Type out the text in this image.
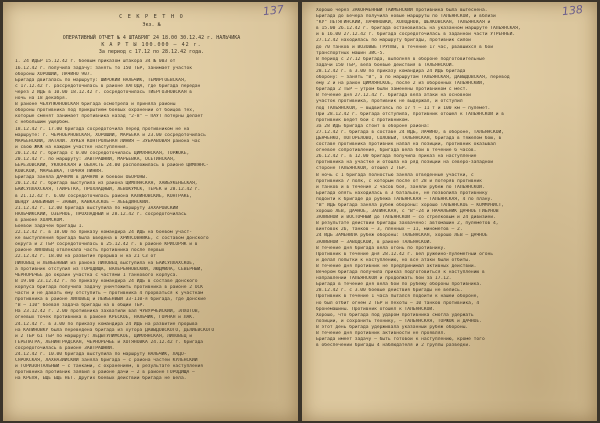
137
С Е К Р Е Т Н О
Экз. №
ОПЕРАТИВНЫЙ ОТЧЕТ № 4 ШТАБРИГ 24 18.00 30.12.42 г. НАЛЬЧИКА
К А Р Т Ы 100.000 — 42 г.
За период с 17.12 по 28.12.42 года.
1. 24 ИДБР 15.12.42 г. боевым приказом штакора 34 № 003 от
16.12.42 г. получила задачу: занять то 150 ТБР, занимает участок
обороны ХОРОШИЙ, ЛАЧИНО 907.
Бригада двигалась по маршруту: ШИРОКИЙ НАЛЬЧИК, ТЕМИРГОЕВСКАЯ,
с 17.12.42 г. рассредоточилась в районе ЛАГОДА, где бригада передан
через 2 ИДБ в 10.00 18.12.42 г. сосредоточилась ТИЕРГОЗНОВСКАЯ в
ночь на 18 декабря.
В районе ЧЕЛУПКАНОВСКАЯ бригада осмотрела и приняла районы
обороны противника под прикрытием боевых охранений от бойцов тех,
которые сменят занимает противника назад "2-8" — ПАУТ потерны делает
с небольшим ущербом.
18.12.42 г. 17.00 бригада сосредоточила перед противником не на
маршруте: г. ЧЕРНОЕРНОВСКАЯ, ХОРОШИЙ, МАРЬЕКА и 23.00 сосредоточилась
МАРЬЕНСКИЙ, ЛАТАЛИ. ЛУКЕЯ КОНТРОЛЬНАЯ ЛИНИЯ — ЗУБРАВОВАЯ района час
и свою ЖКЖ на каждом участке наступления.
20.12.42 г. бригада с 0.00 сосредоточилась ЦИМЛЯНСКАЯ, ТОРЖОКЕ,
20.12.42 г. по маршруту: ЗАВТРАШНИЙ, МАРЬЕВКА, ОСЕТИНСКАЯ,
БЕРЕЗОВСКИЙ, УКЛОНСКАЯ и ОБЛАСТЬ 24.00 расположилась в районе ЦИМЛЯНС-
КОВСКОЙ, МАРЬЕВКА, ГОРНАЯ ЛИНИЯ.
Бригада заняла ДАЧНУЮ в ДАЧНУЮ и боевой ОБОРОНЫ.
20.12.42 г. бригада выступила из района ЦИМЛЯНСКАЯ, ХАЙБУКЕНЬСКАЯ,
БАЙСУЛЛАХСКАЯ, ГАЙРЕТКА, ПРОХЛАДНЫЙ, ЛЕВОКУМСК, ТЕРЕК и 28.12.42 г.
в 21.12.42 г. 6.00 сосредоточилась района КАЛИНОВСКИЕ, КОНТРАКЕ,
ШЕНДУ ЗАВЕЙНЫЙ — ЗАНЫЙ, КАВКАЗСКОЕ — ЛЕБЕДИНСКИЙ.
21.12.42 г. 12.00 бригада выступила по маршруту ЗАХАРОВСКИЙ
НАЛЬЧИКСКИЙ, ОЗЕРНОЕ, ПРОХЛАДНЫЙ и 28.12.42 г. сосредоточилась
в районе ХОЛМСКОМ.
Боевой задачей бригады 1.
22.12.42 г. в 18.00 по приказу командира 24 ИДБ на боевом участ-
ке выступления бригада была введена в ХРИПСОВНИКЕ, с составом Донского
округа и 2 ТБР сосредоточилась в 25.12.42 г. в районе КРИСОРЯК и в
районе ЛИПОВЕЦ отвлекала часть противника после первых
22.12.42 г. 18.00 на развитие прорыва и на 21 СЗ от
ЛИПОВЕЦ и ЛЕЙБЕНВЫЙ из района ЛИПОВЕЦ выступила на БАЙСУЛЛАХСКОЕ,
а противник отступил из ГОРОДИЩА, ВАЛЕРЬЯНОВСКИЙ, ЛЮДМИЛА, СЕВЕРНЫЙ,
ЧЕРНОРЕЧЬЕ до окраин участка с частями 1 танкового корпуса.
В 19.00 23.12.42 г. по приказу командира 24 ИДБ в составе Донского
корпуса бригада получила задачу уничтожить противника в районе 2 ОСК
части и не давать ему отступить — противника 4 прорваться к участкам
противника в районе ЛИПОВЕЦ и ЛЕЙБЕНВЫЙ 33-110-я бригада, где Донские
"В — 110" боевая задача бригады на в общий ТБР.
На 23.12.42 г. 2.00 противника захватили вал ЧУВУРЧЕЙСКИЙ, ЭЛХОТОВ,
огневых точек противника в районе КРЕСКОЕ, НАЛЬЧИК, ГОРНАЯ и ЛАК.
24.12.42 г. в 3.00 по приказу командира 24 ИДБ на развитие прорыва
на КАЛИНОВКУ была переведена бригада из хутора ДАВЫДОВСКОГО, ДЕЛИЕВСКОГО
и 2 ТБР 61 ТБР по маршруту: ЛЕДЫТУЛИМСКОЕ, ЦИМЛЯНСКАЯ, ЛИПОВЕЦ и
ГЕРЕПАГРА, ЛЕНИНГРАДСКАЯ, ЧЕРНОРЕЧЬЕ и ХОТЯНОВКА 24.12.42 г. бригада
сосредоточилась в районе ЗАВТРАШНИЙ.
24.12.42 г. 10.00 бригада выступила по маршруту НАЛЬЧИК, ЛАДО-
СЯРОКСКАЯ, ЛАХНАЗИЙСКИЙ заняла бригада — с района частей КУЛЕНСКИЙ
и ГОРИЗОНТАЛЬНЫЙ — с танками, с охранением, в результате наступления
противника противник заявил о районе дачи — 2 в районе ГОРОДИЩА —
на КРЕПЯ, ЕЩЕ ЕЩЕ НЕТ. Других боевых действий бригада не вела.
138
Хорошо через ЗАКОНЧЕННЫЙ ТАЙМЕНСКИЙ противника была вытеснена.
Бригада до вечера получила новые маршруты по ТАЛЬЯНСКОЙ, и вблизи
"КУ" ЛЕТЯГИНСКИЙ, ЛАЧИНОВКИ, ХОЛОДНОВ, ШЕЛКОВСКАЯ, ТАЛЬЯНСКАЯ и
в 15.00 26.12.42 г. бригада остановилась на указанном маршруте ТАЛЬЯНСКАЯ,
и в 16.00 27.12.42 г. бригада сосредоточилась в заданной части УТРЕННЕЙ.
27.12.42 находилась по маршруту бригады, противник силой
до 70 танков и ВОЗОВЫЕ ГРУППЫ, в течение 17 час, рвавшихся в бой
транспортных машин ЗИС-5.
В период с 27.12 бригада, выполняя в обороне подготовительные
задачи 150 ТБР, вела боевые действия в ТАЛЬЯНСКОЙ.
28.12.42 г. в 3.00 по приказу командира 24 ИДБ бригада
оборону: — занять "В", а по маршрутам ТАЛЬЯНСКАЯ, ДАВЫДОВСКАЯ, перевод
ему 2 и на район ЦИМЛЯНСКОЕ, после 2 из оборонных ТАЛЬЯНСКИЙ,
бригада 2 ТБР — утром были заменены противником с мест.
В течение дня 27.12.42 г. бригада вела атаки на основной
участок противника, противник не выдержал, и отступил
под ТАЛЬЯНСКОЙ, — выдвигаясь по 17 т — 11 т и 100 км — пулемет.
При 28.12.42 г. бригада отступила, противник отошел к ТАЛЬЯНСКОЙ и в
противник ведет бой с противником.
За 28 ИДБ бригада стоит в обороне района:
27.12.42 г. бригада в составе 24 ИДБ, ЛАЧИНО, в обороне, ТАЛЬЯНСКОЙ,
ДЬЯЧЕНКО, ПОГОРЕЛОВО, СОЛОВЬИ, ТАЛЬЯНСКАЯ, бригада в тяжелом бою, в
составе противника противник напал на позиции, противник оказывал
огневое сопротивление, бригада вела бой в течение 6 часов.
26.12.42 г. в 12.00 бригада получила приказ на наступление
противника на участке и отошла на ряд позиций на северо-западной
стороне ТАЛЬЯНСКОЙ, отошел 2 ТБР.
В ночь с 1 бригада полностью заняла отведенные участки, с
противника 7 полк, с которым после от 28 и потеряв противник
и танков и в течение 2 часов боя, заняли рубеж по ТАЛЬЯНСКОЙ.
Бригада опять находилась в 3 батальон, не позволила противнику
подойти к бригаде до рубежа ТАЛЬЯНСКАЯ — ТАЛЬЯНСКАЯ, 4 по плану.
"В" ИДБ бригада заняла рубеж обороны: хорошо ТАЛЬЯНСКОЕ — КОММУНИСТ,
хорошо ЛЕВ, ДАЧНОЕ, ЗАЛИНСКАЯ, с "В"-24 и НАЧАЛЬНИК ДАЧНОЕ ГИБУНОВ
ЗАЛИВНОЙ и ВОСТОЧНЫЙ до ТАЛЬЯНСКОЙ — со стрелковым и 24 дивизией.
В результате действий бригады захвачено: автомашин 2, пулеметов 4,
винтовок 26, танков — 3, пленных — 11, минометов — 2.
24 ИДБ ЗАМЕНИЛА рубеж обороны: ТАЛЬЯНСКАЯ, хорошо ЛЕВ — ДАЧНОЕ
ЗАЛИВНОЙ — ЗАВОДСКОЙ, в районе ТАЛЬЯНСКОЙ.
В течение дня бригада вела огонь по противнику.
Противник в течение дня 28.12.42 г. вел ружейно-пулеметный огонь
и делал попытки к наступлению, но все атаки были отбиты.
В течение дня противник не предпринимал активных действий.
Вечером бригада получила приказ подготовиться к наступлению в
направлении ТАЛЬЯНСКОЙ и продолжать бой за 17.12.
Бригада в течение дня вела бой по рубежу обороны противника.
28.12.42 г. с 3.00 боевые действия бригады не велись.
Противник в течение 1 часа пытался подойти к нашей обороне,
но был отбит огнем 2 ТБР и пехоты — 10 танков противника, 4
бронемашины. Противник отошел к ТАЛЬЯНСКОЙ.
Хорошо, что бригада под ударом противника смогла удержать
позиции, и сохранить технику, — ТАЛЬЯНСКАЯ, ТОРЖОК и ДАЧНОЕ.
В этот день бригада удерживала указанный рубеж обороны.
В течение дня противник активности не проявлял.
Бригада имеет задачу — быть готовой к наступлению, кроме того
в обеспечении бригады 4 наблюдателя и 2 группы разведки.
